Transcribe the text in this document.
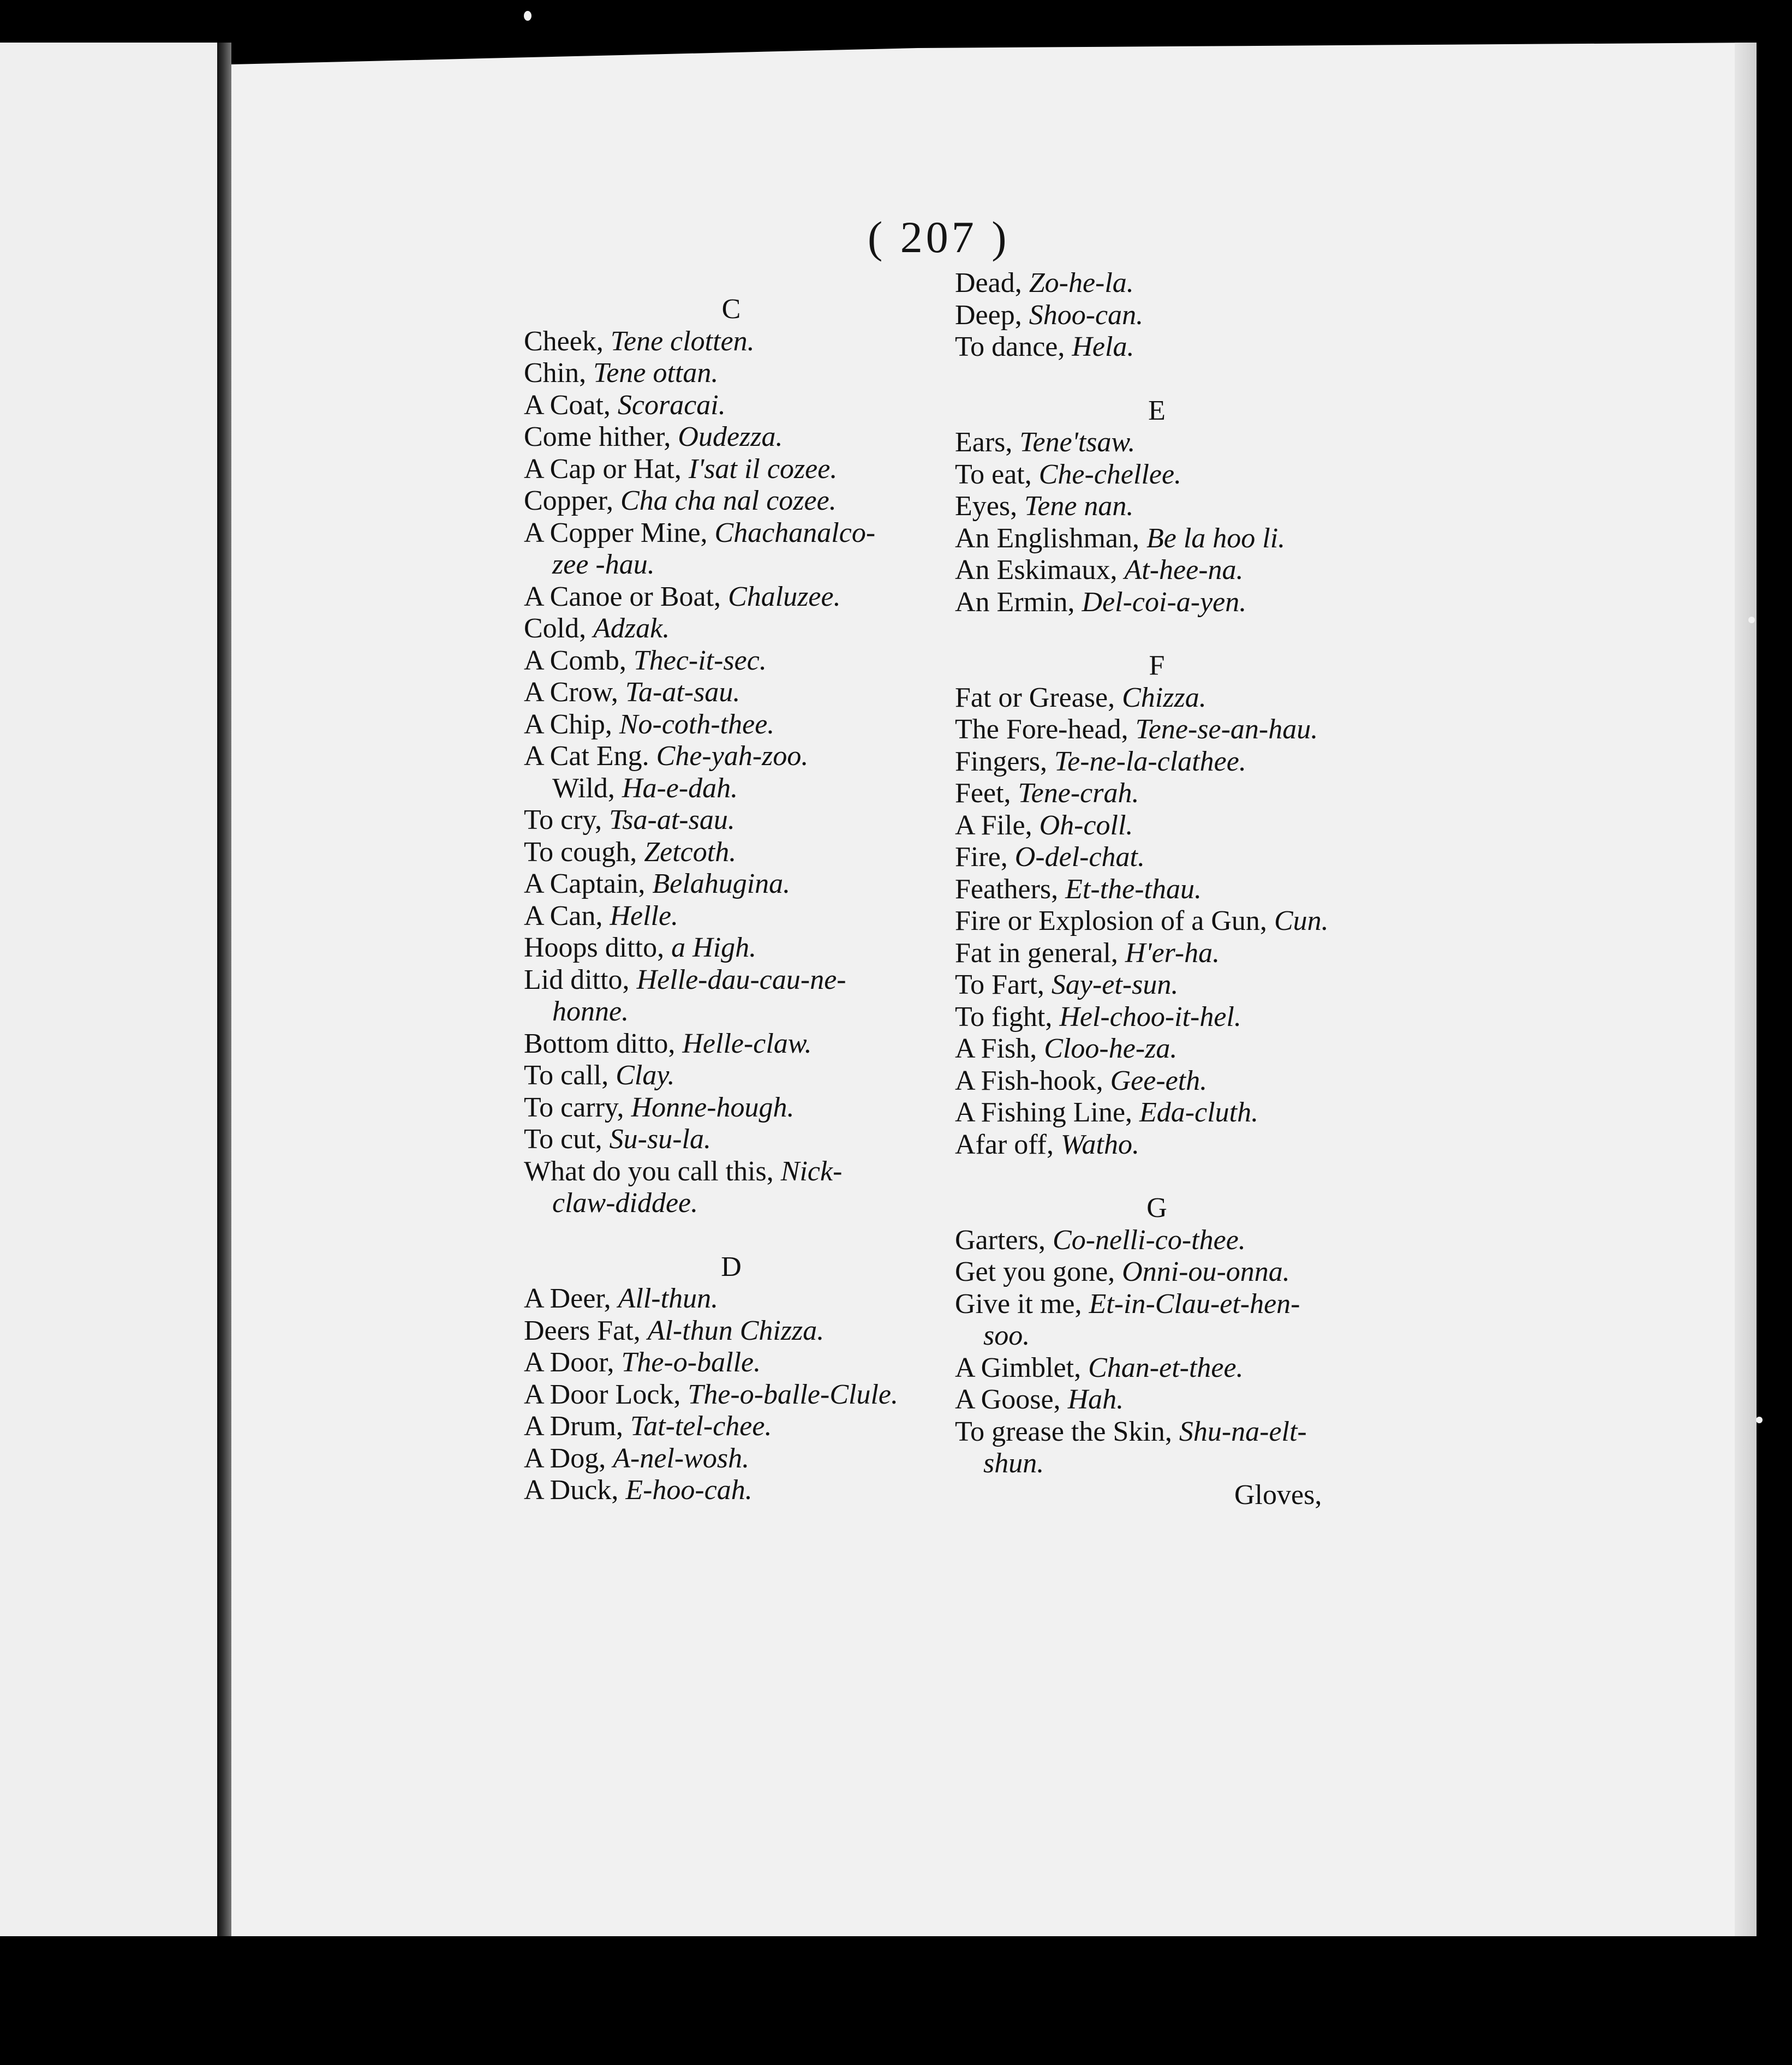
( 207 )
C
Cheek, Tene clotten.
Chin, Tene ottan.
A Coat, Scoracai.
Come hither, Oudezza.
A Cap or Hat, I'sat il cozee.
Copper, Cha cha nal cozee.
A Copper Mine, Chachanalco-
zee -hau.
A Canoe or Boat, Chaluzee.
Cold, Adzak.
A Comb, Thec-it-sec.
A Crow, Ta-at-sau.
A Chip, No-coth-thee.
A Cat Eng. Che-yah-zoo.
Wild, Ha-e-dah.
To cry, Tsa-at-sau.
To cough, Zetcoth.
A Captain, Belahugina.
A Can, Helle.
Hoops ditto, a High.
Lid ditto, Helle-dau-cau-ne-
honne.
Bottom ditto, Helle-claw.
To call, Clay.
To carry, Honne-hough.
To cut, Su-su-la.
What do you call this, Nick-
claw-diddee.
D
A Deer, All-thun.
Deers Fat, Al-thun Chizza.
A Door, The-o-balle.
A Door Lock, The-o-balle-Clule.
A Drum, Tat-tel-chee.
A Dog, A-nel-wosh.
A Duck, E-hoo-cah.
Dead, Zo-he-la.
Deep, Shoo-can.
To dance, Hela.
E
Ears, Tene'tsaw.
To eat, Che-chellee.
Eyes, Tene nan.
An Englishman, Be la hoo li.
An Eskimaux, At-hee-na.
An Ermin, Del-coi-a-yen.
F
Fat or Grease, Chizza.
The Fore-head, Tene-se-an-hau.
Fingers, Te-ne-la-clathee.
Feet, Tene-crah.
A File, Oh-coll.
Fire, O-del-chat.
Feathers, Et-the-thau.
Fire or Explosion of a Gun, Cun.
Fat in general, H'er-ha.
To Fart, Say-et-sun.
To fight, Hel-choo-it-hel.
A Fish, Cloo-he-za.
A Fish-hook, Gee-eth.
A Fishing Line, Eda-cluth.
Afar off, Watho.
G
Garters, Co-nelli-co-thee.
Get you gone, Onni-ou-onna.
Give it me, Et-in-Clau-et-hen-
soo.
A Gimblet, Chan-et-thee.
A Goose, Hah.
To grease the Skin, Shu-na-elt-
shun.
Gloves,
